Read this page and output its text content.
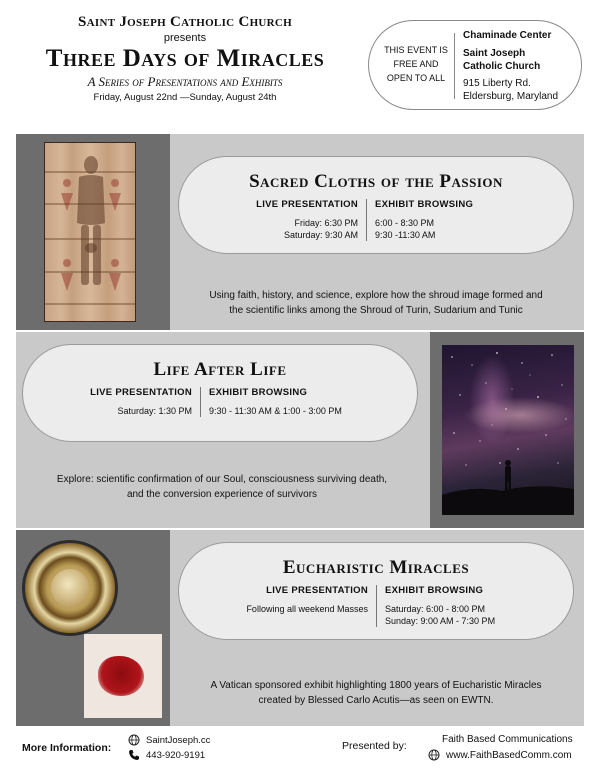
Saint Joseph Catholic Church
presents
Three Days of Miracles
A Series of Presentations and Exhibits
Friday, August 22nd —Sunday, August 24th
THIS EVENT IS
FREE AND
OPEN TO ALL
Chaminade Center
Saint Joseph
Catholic Church
915 Liberty Rd.
Eldersburg, Maryland
Sacred Cloths of the Passion
LIVE PRESENTATION
Friday: 6:30 PM
Saturday: 9:30 AM
EXHIBIT BROWSING
6:00 - 8:30 PM
9:30 -11:30 AM
Using faith, history, and science, explore how the shroud image formed and
the scientific links among the Shroud of Turin, Sudarium and Tunic
Life After Life
LIVE PRESENTATION
Saturday: 1:30 PM
EXHIBIT BROWSING
9:30 - 11:30 AM & 1:00 - 3:00 PM
Explore: scientific confirmation of our Soul, consciousness surviving death,
and the conversion experience of survivors
Eucharistic Miracles
LIVE PRESENTATION
Following all weekend Masses
EXHIBIT BROWSING
Saturday: 6:00 - 8:00 PM
Sunday: 9:00 AM - 7:30 PM
A Vatican sponsored exhibit highlighting 1800 years of Eucharistic Miracles
created by Blessed Carlo Acutis—as seen on EWTN.
More Information:
SaintJoseph.cc
443-920-9191
Presented by:
Faith Based Communications
www.FaithBasedComm.com
